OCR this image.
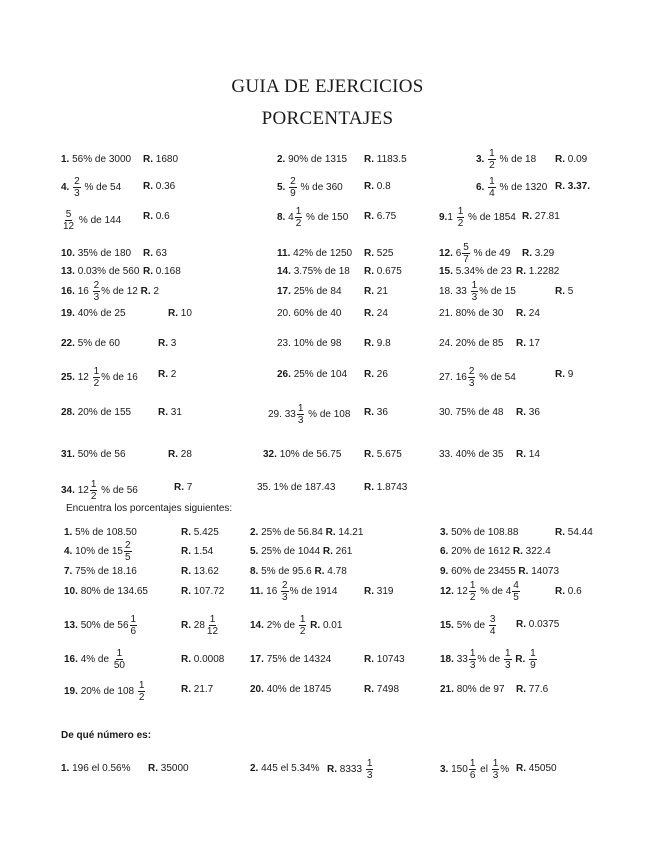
GUIA DE EJERCICIOS
PORCENTAJES
1. 56% de 3000 R. 1680	2. 90% de 1315 R. 1183.5	3. $\frac{1}{2}$ % de 18 R. 0.09
4. $\frac{2}{3}$ % de 54 R. 0.36	5. $\frac{2}{9}$ % de 360 R. 0.8	6. $\frac{1}{4}$ % de 1320 R. 3.37.
$\frac{5}{12}$ % de 144 R. 0.6	8. $4 \frac{1}{2}$ % de 150 R. 6.75	$9.1 \frac{1}{2}$ % de 1854 R. 27.81
10. 35% de 180 R. 63	11. 42% de 1250 R. 525	12. $6 \frac{5}{7}$ % de 49 R. 3.29
13. 0.03% de 560 R. 0.168	14. 3.75% de 18 R. 0.675	15. 5.34% de 23 R. 1.2282
16. $16 \frac{2}{3}$ % de 12 R. 2	17. 25% de 84 R. 21	18. $33 \frac{1}{3}$ % de 15	R. 5
19. 40% de 25	R. 10	20. 60% de 40 R. 24	21. 80% de 30 R. 24
22. 5% de 60	R. 3	23. 10% de 98 R. 9.8	24. 20% de 85 R. 17
25. $12 \frac{1}{2}$ % de 16 R. 2	26. 25% de 104 R. 26	27. $16 \frac{2}{3}$ % de 54	R. 9
28. 20% de 155	R. 31	29. $33 \frac{1}{3}$ % de 108 R. 36	30. 75% de 48 R. 36
31. 50% de 56	R. 28	32. 10% de 56.75 R. 5.675	33. 40% de 35 R. 14
34. $12 \frac{1}{2}$ % de 56	R. 7	35. 1% de 187.43	R. 1.8743
Encuentra los porcentajes siguientes:
1. 5% de 108.50	R. 5.425	2. 25% de 56.84 R. 14.21	3. 50% de 108.88	R. 54.44
4. 10% de $15 \frac{2}{5}$	R. 1.54	5. 25% de 1044 R. 261	6. 20% de 1612 R. 322.4
7. 75% de 18.16	R. 13.62	8. 5% de 95.6 R. 4.78	9. 60% de 23455 R. 14073
10. 80% de 134.65	R. 107.72	11. $16 \frac{2}{3}$ % de 1914	R. 319	12. $12 \frac{1}{2}$ % de $4 \frac{4}{5}$	R. 0.6
13. 50% de $56 \frac{1}{6}$	R. $28 \frac{1}{12}$	14. 2% de $\frac{1}{2} R$. 0.01	15. 5% de $\frac{3}{4} R$. 0.0375
16. 4% de $\frac{1}{50}$	R. 0.0008	17. 75% de 14324	R. 10743	18. $33 \frac{1}{3}$ % de $\frac{1}{3} R$. $\frac{1}{9}$
19. 20% de $108 \frac{1}{2}$	R. 21.7	20. 40% de 18745	R. 7498	21. 80% de 97 R. 77.6
De qué número es:
1. 196 el 0.56% R. 35000	2. 445 el 5.34% R. $8333 \frac{1}{3}$	3. $150 \frac{1}{6}$ el $\frac{1}{3}$ % R. 45050
